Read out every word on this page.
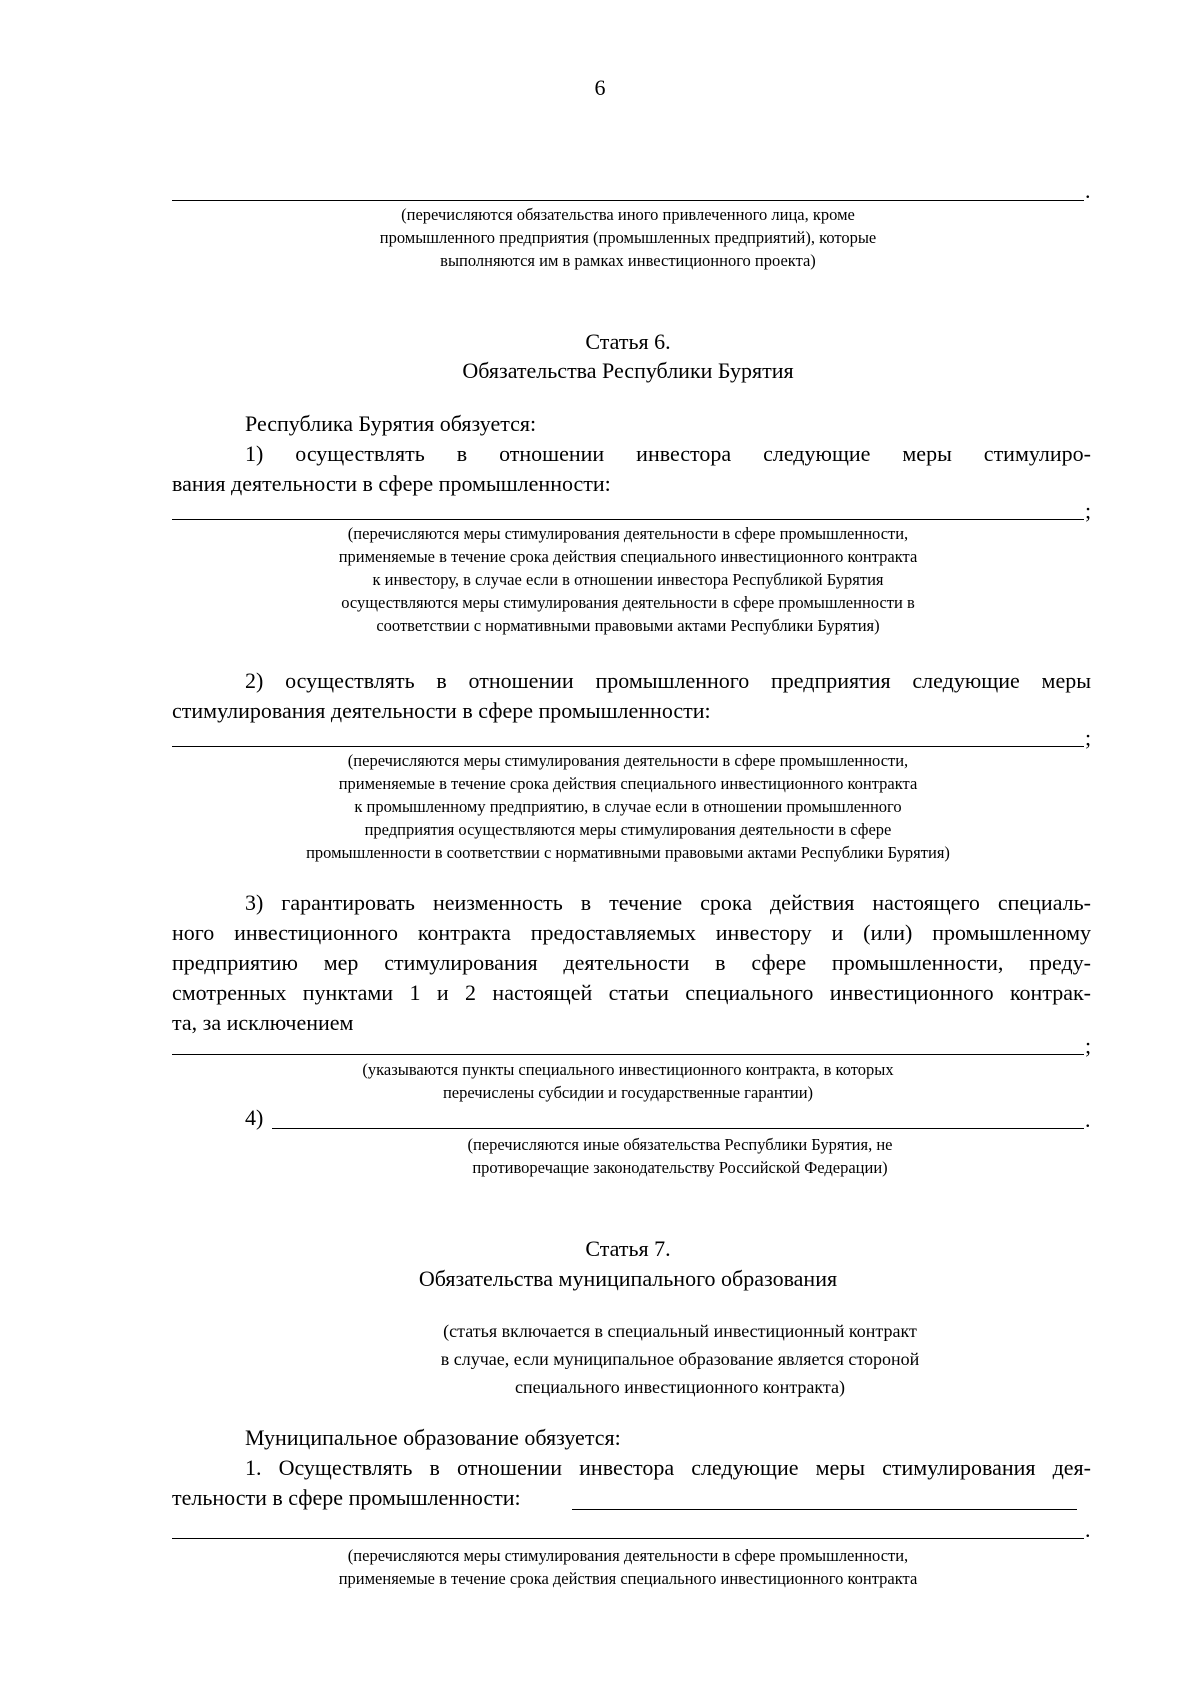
6
.
(перечисляются обязательства иного привлеченного лица, кроме
промышленного предприятия (промышленных предприятий), которые
выполняются им в рамках инвестиционного проекта)
Статья 6.
Обязательства Республики Бурятия
Республика Бурятия обязуется:
1) осуществлять в отношении инвестора следующие меры стимулиро-
вания деятельности в сфере промышленности:
;
(перечисляются меры стимулирования деятельности в сфере промышленности,
применяемые в течение срока действия специального инвестиционного контракта
к инвестору, в случае если в отношении инвестора Республикой Бурятия
осуществляются меры стимулирования деятельности в сфере промышленности в
соответствии с нормативными правовыми актами Республики Бурятия)
2) осуществлять в отношении промышленного предприятия следующие меры
стимулирования деятельности в сфере промышленности:
;
(перечисляются меры стимулирования деятельности в сфере промышленности,
применяемые в течение срока действия специального инвестиционного контракта
к промышленному предприятию, в случае если в отношении промышленного
предприятия осуществляются меры стимулирования деятельности в сфере
промышленности в соответствии с нормативными правовыми актами Республики Бурятия)
3) гарантировать неизменность в течение срока действия настоящего специаль-
ного инвестиционного контракта предоставляемых инвестору и (или) промышленному
предприятию мер стимулирования деятельности в сфере промышленности, преду-
смотренных пунктами 1 и 2 настоящей статьи специального инвестиционного контрак-
та, за исключением
;
(указываются пункты специального инвестиционного контракта, в которых
перечислены субсидии и государственные гарантии)
4)	.
(перечисляются иные обязательства Республики Бурятия, не
противоречащие законодательству Российской Федерации)
Статья 7.
Обязательства муниципального образования
(статья включается в специальный инвестиционный контракт
в случае, если муниципальное образование является стороной
специального инвестиционного контракта)
Муниципальное образование обязуется:
1. Осуществлять в отношении инвестора следующие меры стимулирования дея-
тельности в сфере промышленности:
.
(перечисляются меры стимулирования деятельности в сфере промышленности,
применяемые в течение срока действия специального инвестиционного контракта
